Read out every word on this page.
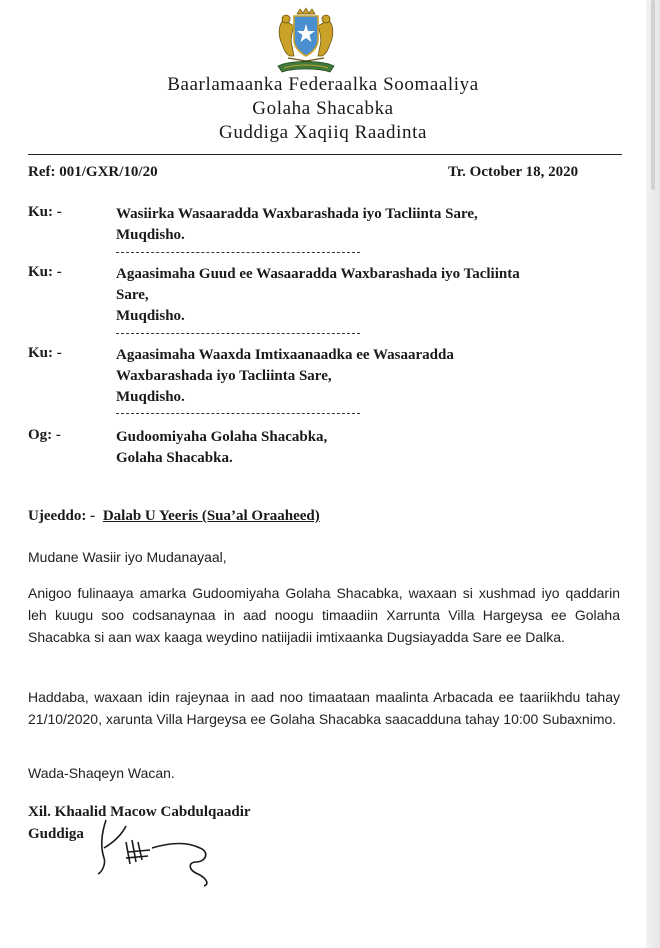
Baarlamaanka Federaalka Soomaaliya
Golaha Shacabka
Guddiga Xaqiiq Raadinta
Ref: 001/GXR/10/20	Tr. October 18, 2020
Ku: -	Wasiirka Wasaaradda Waxbarashada iyo Tacliinta Sare,
Muqdisho.
Ku: -	Agaasimaha Guud ee Wasaaradda Waxbarashada iyo Tacliinta
Sare,
Muqdisho.
Ku: -	Agaasimaha Waaxda Imtixaanaadka ee Wasaaradda
Waxbarashada iyo Tacliinta Sare,
Muqdisho.
Og: -	Gudoomiyaha Golaha Shacabka,
Golaha Shacabka.
Ujeeddo: - Dalab U Yeeris (Sua’al Oraaheed)
Mudane Wasiir iyo Mudanayaal,
Anigoo fulinaaya amarka Gudoomiyaha Golaha Shacabka, waxaan si xushmad iyo qaddarin leh kuugu soo codsanaynaa in aad noogu timaadiin Xarrunta Villa Hargeysa ee Golaha Shacabka si aan wax kaaga weydino natiijadii imtixaanka Dugsiayadda Sare ee Dalka.
Haddaba, waxaan idin rajeynaa in aad noo timaataan maalinta Arbacada ee taariikhdu tahay 21/10/2020, xarunta Villa Hargeysa ee Golaha Shacabka saacadduna tahay 10:00 Subaxnimo.
Wada-Shaqeyn Wacan.
Xil. Khaalid Macow Cabdulqaadir
Guddiga
